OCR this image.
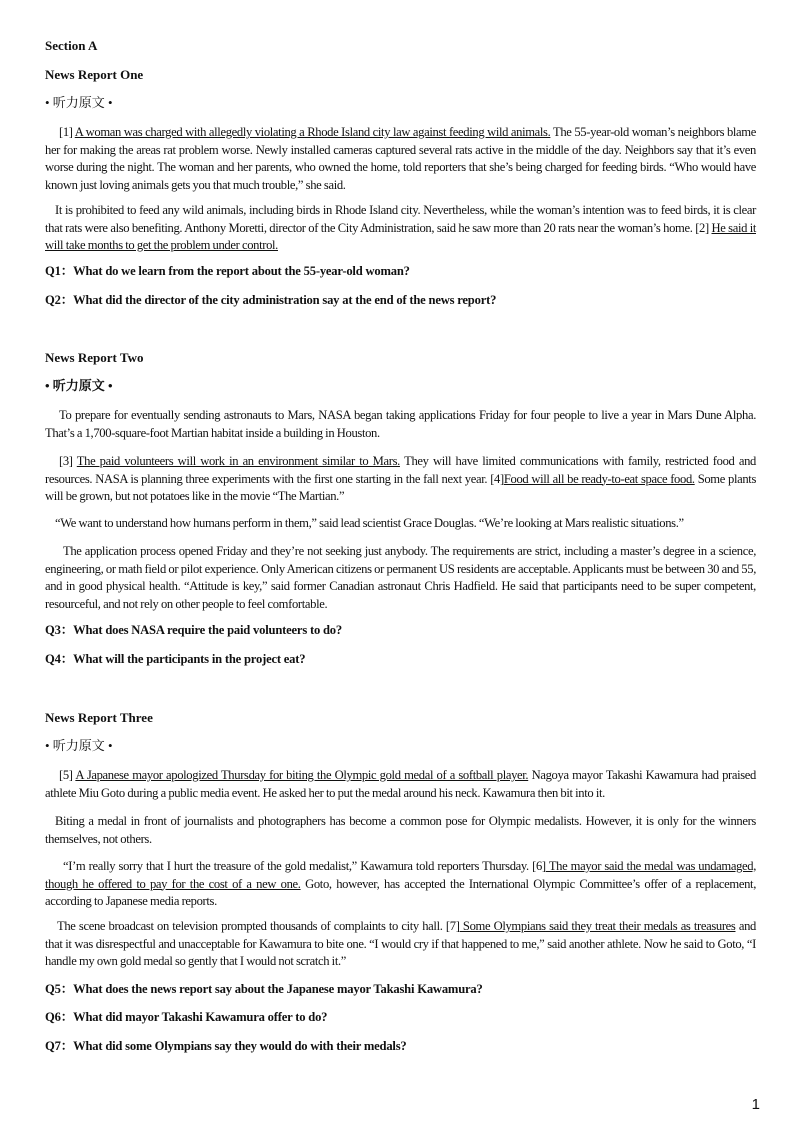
Section A
News Report One
• 听力原文 •
[1] A woman was charged with allegedly violating a Rhode Island city law against feeding wild animals. The 55-year-old woman’s neighbors blame her for making the areas rat problem worse. Newly installed cameras captured several rats active in the middle of the day. Neighbors say that it’s even worse during the night. The woman and her parents, who owned the home, told reporters that she’s being charged for feeding birds. “Who would have known just loving animals gets you that much trouble,” she said.
It is prohibited to feed any wild animals, including birds in Rhode Island city. Nevertheless, while the woman’s intention was to feed birds, it is clear that rats were also benefiting. Anthony Moretti, director of the City Administration, said he saw more than 20 rats near the woman’s home. [2] He said it will take months to get the problem under control.
Q1：What do we learn from the report about the 55-year-old woman?
Q2：What did the director of the city administration say at the end of the news report?
News Report Two
• 听力原文 •
To prepare for eventually sending astronauts to Mars, NASA began taking applications Friday for four people to live a year in Mars Dune Alpha. That’s a 1,700-square-foot Martian habitat inside a building in Houston.
[3] The paid volunteers will work in an environment similar to Mars. They will have limited communications with family, restricted food and resources. NASA is planning three experiments with the first one starting in the fall next year. [4]Food will all be ready-to-eat space food. Some plants will be grown, but not potatoes like in the movie “The Martian.”
“We want to understand how humans perform in them,” said lead scientist Grace Douglas. “We’re looking at Mars realistic situations.”
The application process opened Friday and they’re not seeking just anybody. The requirements are strict, including a master’s degree in a science, engineering, or math field or pilot experience. Only American citizens or permanent US residents are acceptable. Applicants must be between 30 and 55, and in good physical health. “Attitude is key,” said former Canadian astronaut Chris Hadfield. He said that participants need to be super competent, resourceful, and not rely on other people to feel comfortable.
Q3：What does NASA require the paid volunteers to do?
Q4：What will the participants in the project eat?
News Report Three
• 听力原文 •
[5] A Japanese mayor apologized Thursday for biting the Olympic gold medal of a softball player. Nagoya mayor Takashi Kawamura had praised athlete Miu Goto during a public media event. He asked her to put the medal around his neck. Kawamura then bit into it.
Biting a medal in front of journalists and photographers has become a common pose for Olympic medalists. However, it is only for the winners themselves, not others.
“I’m really sorry that I hurt the treasure of the gold medalist,” Kawamura told reporters Thursday. [6] The mayor said the medal was undamaged, though he offered to pay for the cost of a new one. Goto, however, has accepted the International Olympic Committee’s offer of a replacement, according to Japanese media reports.
The scene broadcast on television prompted thousands of complaints to city hall. [7] Some Olympians said they treat their medals as treasures and that it was disrespectful and unacceptable for Kawamura to bite one. “I would cry if that happened to me,” said another athlete. Now he said to Goto, “I handle my own gold medal so gently that I would not scratch it.”
Q5：What does the news report say about the Japanese mayor Takashi Kawamura?
Q6：What did mayor Takashi Kawamura offer to do?
Q7：What did some Olympians say they would do with their medals?
1
